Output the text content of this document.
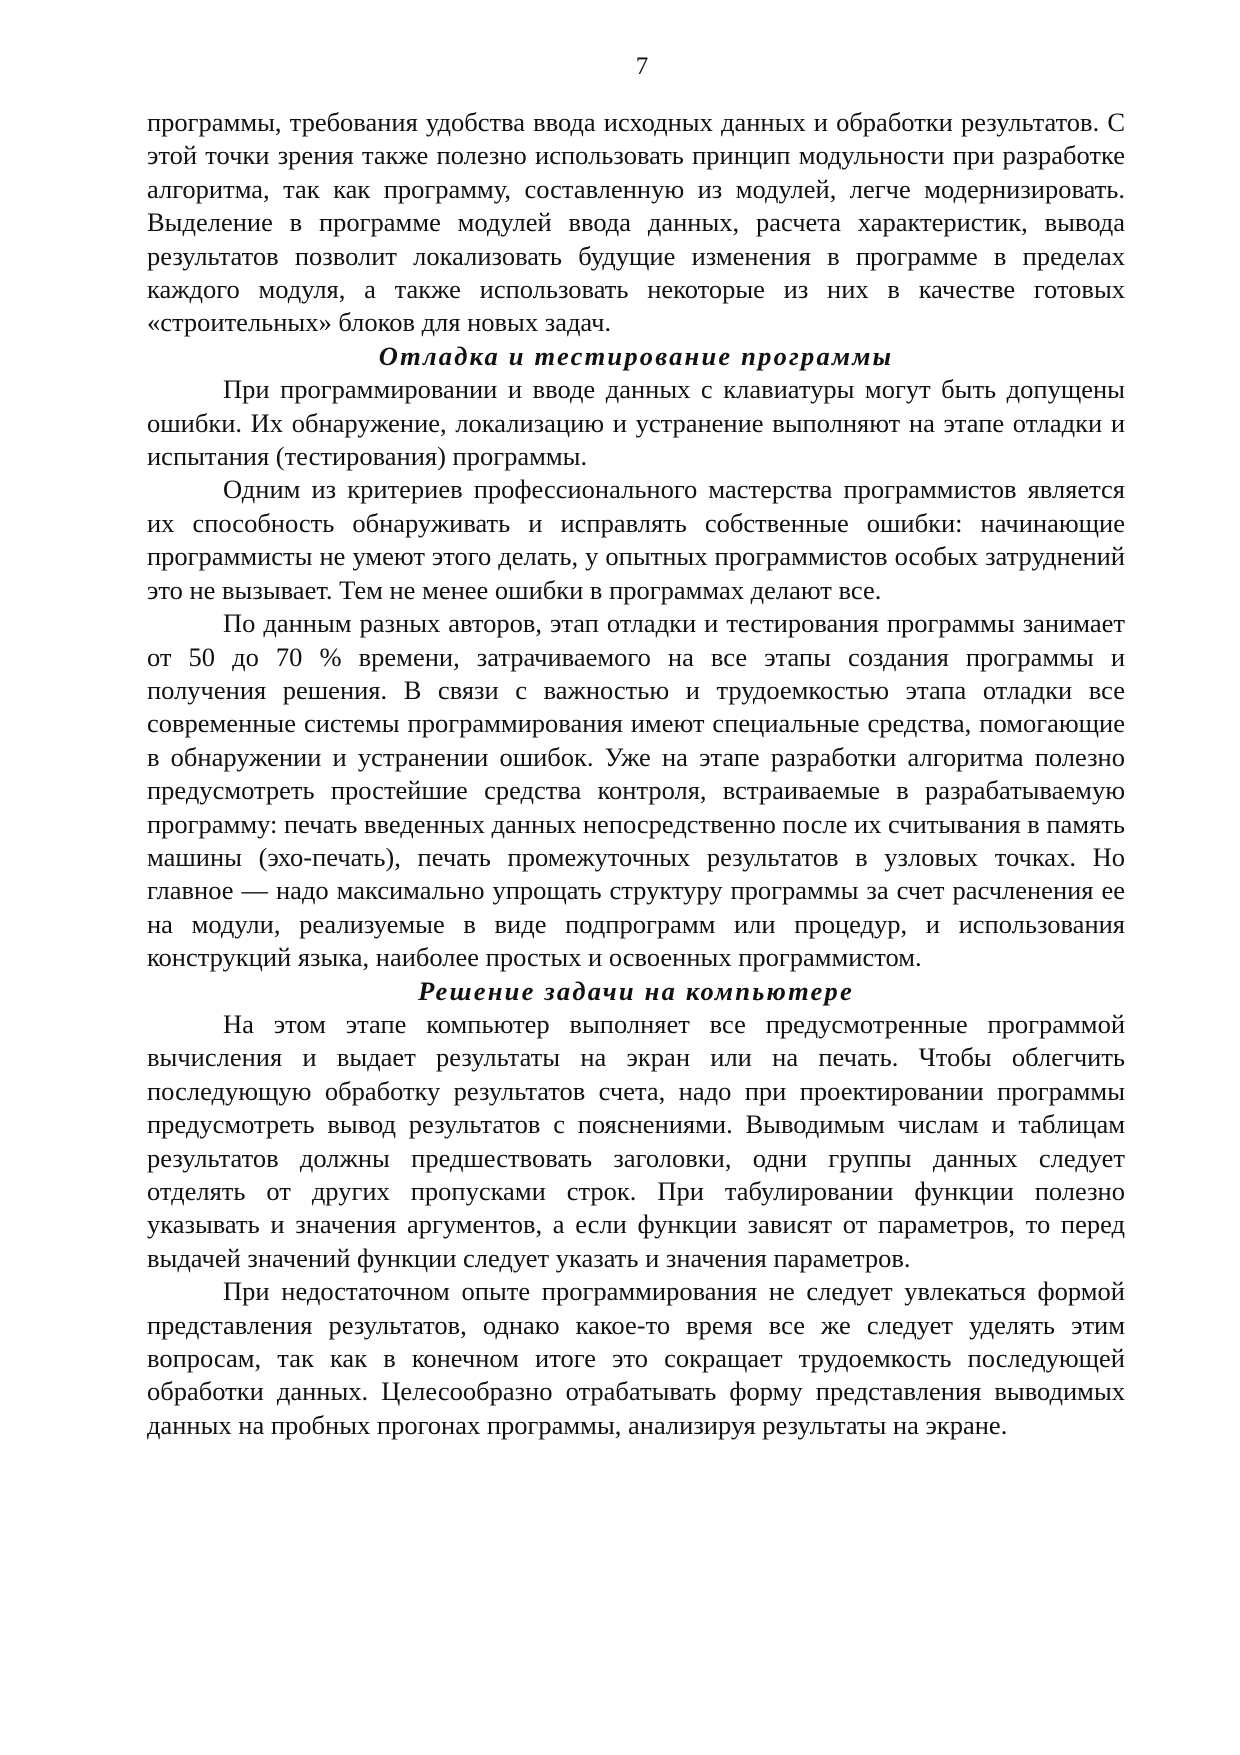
7

программы, требования удобства ввода исходных данных и обработки результатов. С этой точки зрения также полезно использовать принцип модульности при разработке алгоритма, так как программу, составленную из модулей, легче модернизировать. Выделение в программе модулей ввода данных, расчета характеристик, вывода результатов позволит локализовать будущие изменения в программе в пределах каждого модуля, а также использовать некоторые из них в качестве готовых «строительных» блоков для новых задач.

Отладка и тестирование программы

При программировании и вводе данных с клавиатуры могут быть допущены ошибки. Их обнаружение, локализацию и устранение выполняют на этапе отладки и испытания (тестирования) программы.

Одним из критериев профессионального мастерства программистов является их способность обнаруживать и исправлять собственные ошибки: начинающие программисты не умеют этого делать, у опытных программистов особых затруднений это не вызывает. Тем не менее ошибки в программах делают все.

По данным разных авторов, этап отладки и тестирования программы занимает от 50 до 70 % времени, затрачиваемого на все этапы создания программы и получения решения. В связи с важностью и трудоемкостью этапа отладки все современные системы программирования имеют специальные средства, помогающие в обнаружении и устранении ошибок. Уже на этапе разработки алгоритма полезно предусмотреть простейшие средства контроля, встраиваемые в разрабатываемую программу: печать введенных данных непосредственно после их считывания в память машины (эхо-печать), печать промежуточных результатов в узловых точках. Но главное — надо максимально упрощать структуру программы за счет расчленения ее на модули, реализуемые в виде подпрограмм или процедур, и использования конструкций языка, наиболее простых и освоенных программистом.

Решение задачи на компьютере

На этом этапе компьютер выполняет все предусмотренные программой вычисления и выдает результаты на экран или на печать. Чтобы облегчить последующую обработку результатов счета, надо при проектировании программы предусмотреть вывод результатов с пояснениями. Выводимым числам и таблицам результатов должны предшествовать заголовки, одни группы данных следует отделять от других пропусками строк. При табулировании функции полезно указывать и значения аргументов, а если функции зависят от параметров, то перед выдачей значений функции следует указать и значения параметров.

При недостаточном опыте программирования не следует увлекаться формой представления результатов, однако какое-то время все же следует уделять этим вопросам, так как в конечном итоге это сокращает трудоемкость последующей обработки данных. Целесообразно отрабатывать форму представления выводимых данных на пробных прогонах программы, анализируя результаты на экране.
